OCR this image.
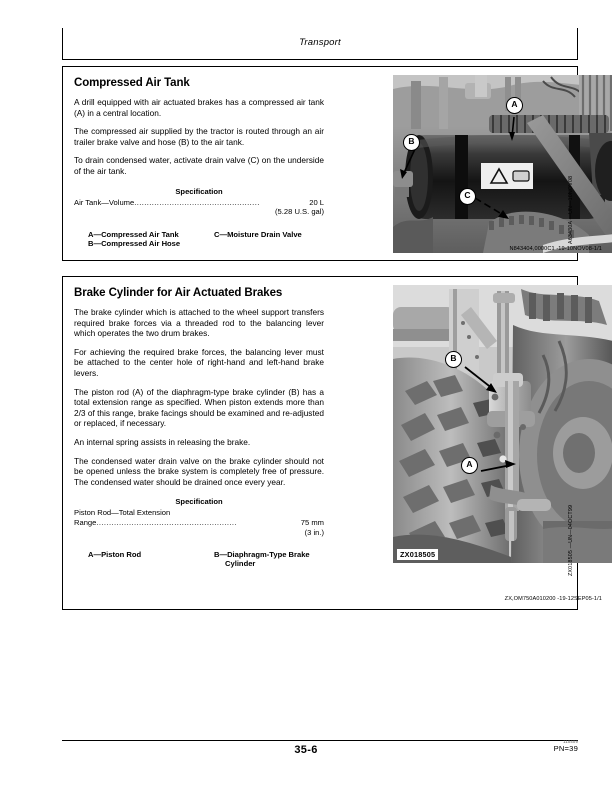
Transport
Compressed Air Tank

A drill equipped with air actuated brakes has a compressed air tank (A) in a central location.

The compressed air supplied by the tractor is routed through an air trailer brake valve and hose (B) to the air tank.

To drain condensed water, activate drain valve (C) on the underside of the air tank.

Specification
Air Tank—Volume..................................................	20 L
(5.28 U.S. gal)
A—Compressed Air Tank
B—Compressed Air Hose
C—Moisture Drain Valve
A
B
C	A63430A —UN—10NOV08
N843404,0000C1 -19-10NOV08-1/1
Brake Cylinder for Air Actuated Brakes

The brake cylinder which is attached to the wheel support transfers required brake forces via a threaded rod to the balancing lever which operates the two drum brakes.

For achieving the required brake forces, the balancing lever must be attached to the center hole of right-hand and left-hand brake levers.

The piston rod (A) of the diaphragm-type brake cylinder (B) has a total extension range as specified. When piston extends more than 2/3 of this range, brake facings should be examined and re-adjusted or replaced, if necessary.

An internal spring assists in releasing the brake.

The condensed water drain valve on the brake cylinder should not be opened unless the brake system is completely free of pressure. The condensed water should be drained once every year.

Specification
Piston Rod—Total Extension
Range........................................................	75 mm
(3 in.)
A—Piston Rod	B—Diaphragm-Type Brake
Cylinder
B
A
ZX018505	ZX018505 —UN—04OCT99
ZX,OM750A010200 -19-12SEP05-1/1
35-6
110409
PN=39
